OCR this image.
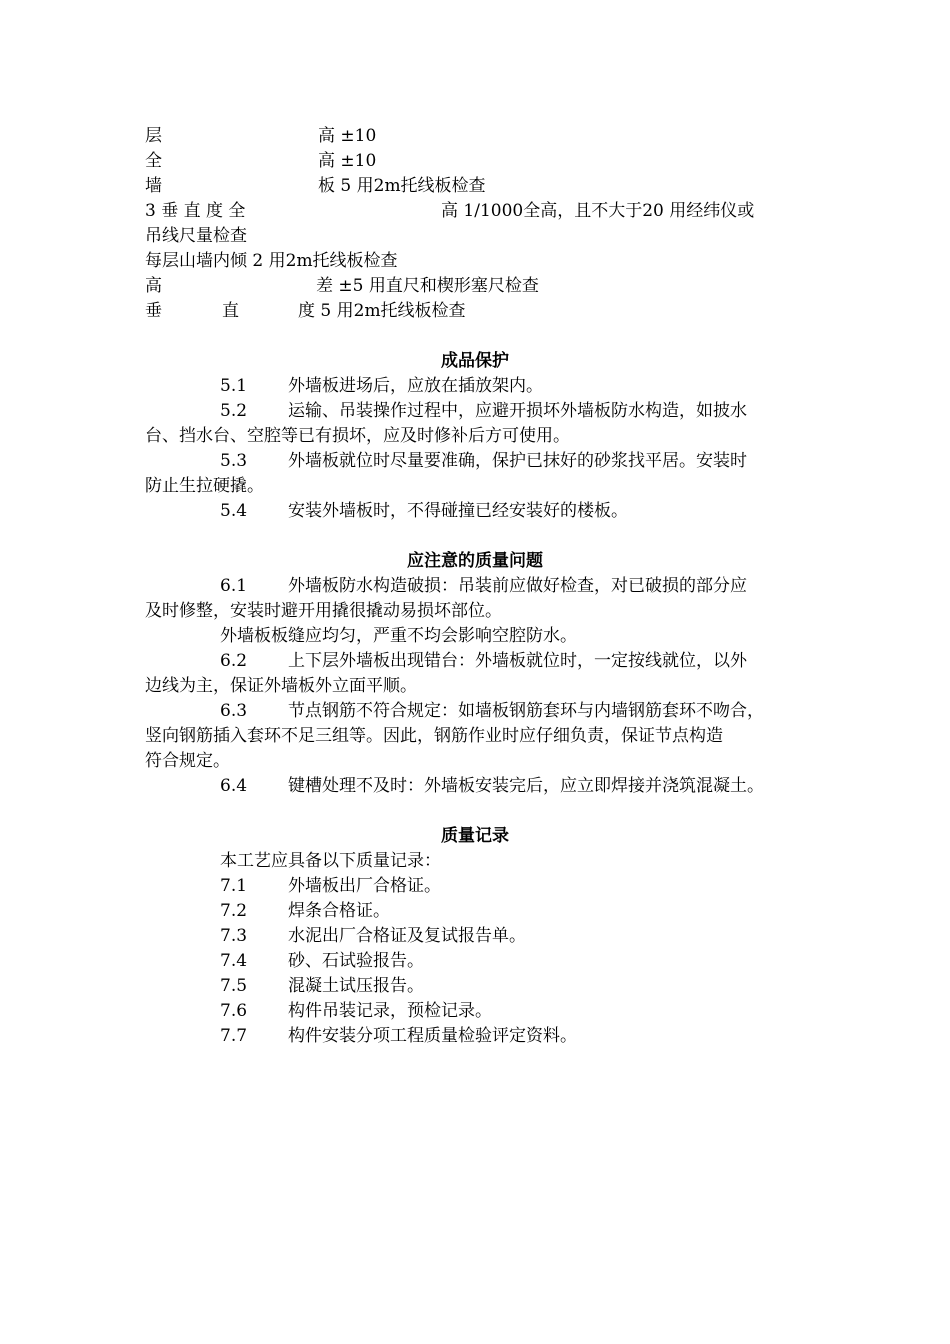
层	高 ±10
全	高 ±10
墙	板 5 用2m托线板检查
3 垂 直 度 全	高 1/1000全高，且不大于20 用经纬仪或
吊线尺量检查
每层山墙内倾 2 用2m托线板检查
高	差 ±5 用直尺和楔形塞尺检查
垂	直	度 5 用2m托线板检查
成品保护
5.1 外墙板进场后，应放在插放架内。
5.2 运输、吊装操作过程中，应避开损坏外墙板防水构造，如披水
台、挡水台、空腔等已有损坏，应及时修补后方可使用。
5.3 外墙板就位时尽量要准确，保护已抹好的砂浆找平居。安装时
防止生拉硬撬。
5.4 安装外墙板时，不得碰撞已经安装好的楼板。
应注意的质量问题
6.1 外墙板防水构造破损：吊装前应做好检查，对已破损的部分应
及时修整，安装时避开用撬很撬动易损坏部位。
外墙板板缝应均匀，严重不均会影响空腔防水。
6.2 上下层外墙板出现错台：外墙板就位时，一定按线就位，以外
边线为主，保证外墙板外立面平顺。
6.3 节点钢筋不符合规定：如墙板钢筋套环与内墙钢筋套环不吻合，
竖向钢筋插入套环不足三组等。因此，钢筋作业时应仔细负责，保证节点构造
符合规定。
6.4 键槽处理不及时：外墙板安装完后，应立即焊接并浇筑混凝土。
质量记录
本工艺应具备以下质量记录：
7.1 外墙板出厂合格证。
7.2 焊条合格证。
7.3 水泥出厂合格证及复试报告单。
7.4 砂、石试验报告。
7.5 混凝土试压报告。
7.6 构件吊装记录，预检记录。
7.7 构件安装分项工程质量检验评定资料。
